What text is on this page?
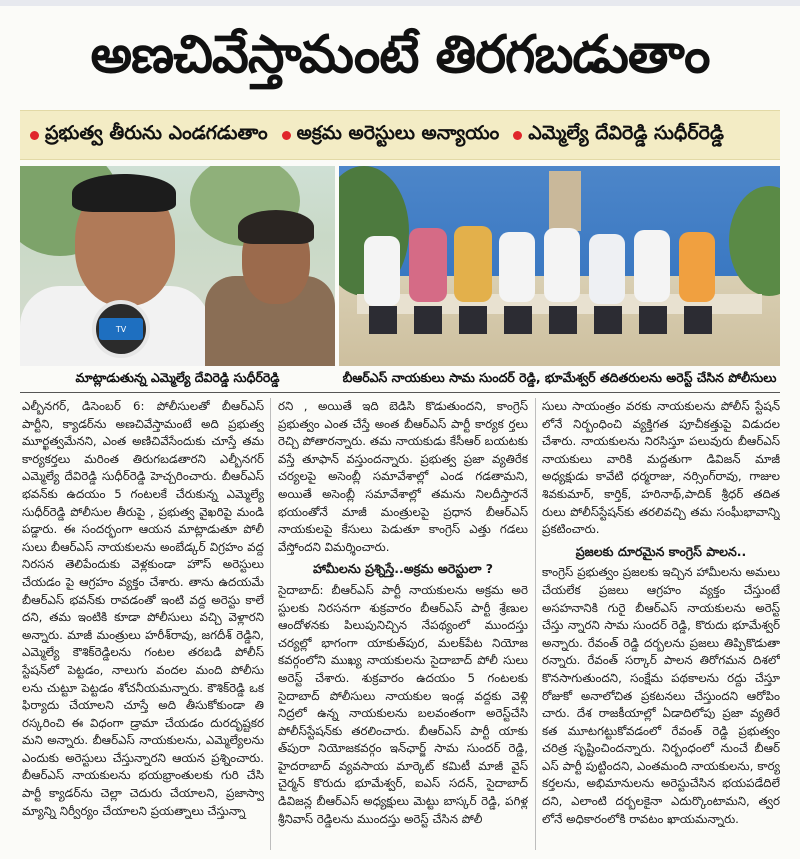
అణచివేస్తామంటే తిరగబడుతాం
ప్రభుత్వ తీరును ఎండగడుతాం అక్రమ అరెస్టులు అన్యాయం ఎమ్మెల్యే దేవిరెడ్డి సుధీర్‌రెడ్డి
TV
మాట్లాడుతున్న ఎమ్మెల్యే దేవిరెడ్డి సుధీర్‌రెడ్డి	బీఆర్ఎస్ నాయకులు సామ సుందర్ రెడ్డి, భూమేశ్వర్ తదితరులను అరెస్ట్ చేసిన పోలీసులు

ఎల్బీనగర్, డిసెంబర్ 6: పోలీసులతో బీఆర్ఎస్ పార్టీని, క్యాడర్‌ను అణచివేస్తామంటే అది ప్రభుత్వ మూర్ఖత్వమేనని, ఎంత అణిచివేసేందుకు చూస్తే తమ కార్యకర్తలు మరింత తిరుగబడతారని ఎల్బీనగర్ ఎమ్మెల్యే దేవిరెడ్డి సుధీర్‌రెడ్డి హెచ్చరించారు. బీఆర్ఎస్ భవన్‌కు ఉదయం 5 గంటలకే చేరుకున్న ఎమ్మెల్యే సుధీర్‌రెడ్డి పోలీసుల తీరుపై , ప్రభుత్వ వైఖరిపై మండి పడ్డారు. ఈ సందర్భంగా ఆయన మాట్లాడుతూ పోలీ సులు బీఆర్ఎస్ నాయకులను అంబేడ్కర్ విగ్రహం వద్ద నిరసన తెలిపేందుకు వెళ్లకుండా హౌస్ అరెస్టులు చేయడం పై ఆగ్రహం వ్యక్తం చేశారు. తాను ఉదయమే బీఆర్ఎస్ భవన్‌కు రావడంతో ఇంటి వద్ద అరెస్టు కాలే దని, తమ ఇంటికి కూడా పోలీసులు వచ్చి వెళ్లారని అన్నారు. మాజీ మంత్రులు హరీశ్‌రావు, జగదీశ్ రెడ్డిని, ఎమ్మెల్యే కౌశిక్‌రెడ్డిలను గంటల తరబడి పోలీస్ స్టేషన్‌లో పెట్టడం, నాలుగు వందల మంది పోలీసు లను చుట్టూ పెట్టడం శోచనీయమన్నారు. కౌశిక్‌రెడ్డి ఒక ఫిర్యాదు చేయాలని చూస్తే అది తీసుకోకుండా తి రస్కరించి ఈ విధంగా డ్రామా చేయడం దురదృష్టకర మని అన్నారు. బీఆర్ఎస్ నాయకులను, ఎమ్మెల్యేలను ఎందుకు అరెస్టులు చేస్తున్నారని ఆయన ప్రశ్నించారు. బీఆర్ఎస్ నాయకులను భయభ్రాంతులకు గురి చేసి పార్టీ క్యాడర్‌ను చెల్లా చెదురు చేయాలని, ప్రజాస్వా మ్యాన్ని నిర్వీర్యం చేయాలని ప్రయత్నాలు చేస్తున్నా

రని , అయితే ఇది బెడిసి కొడుతుందని, కాంగ్రెస్ ప్రభుత్వం ఎంత చేస్తే అంత బీఆర్ఎస్ పార్టీ కార్యక ర్తలు రెచ్చి పోతారన్నారు. తమ నాయకుడు కేసీఆర్ బయటకు వస్తే తూఫాన్ వస్తుందన్నారు. ప్రభుత్వ ప్రజా వ్యతిరేక చర్యలపై అసెంబ్లీ సమావేశాల్లో ఎండ గడతామని, అయితే అసెంబ్లీ సమావేశాల్లో తమను నిలదీస్తారనే భయంతోనే మాజీ మంత్రులపై ప్రధాన బీఆర్ఎస్ నాయకులపై కేసులు పెడుతూ కాంగ్రెస్ ఎత్తు గడలు వేస్తోందని విమర్శించారు.

హామీలను ప్రశ్నిస్తే..అక్రమ అరెస్టులా ?

సైదాబాద్: బీఆర్ఎస్ పార్టీ నాయకులను అక్రమ అరె స్టులకు నిరసనగా శుక్రవారం బీఆర్ఎస్ పార్టీ శ్రేణుల ఆందోళనకు పిలుపునిచ్చిన నేపథ్యంలో ముందస్తు చర్యల్లో భాగంగా యాకుత్‌పుర, మలక్‌పేట నియోజ కవర్గంలోని ముఖ్య నాయకులను సైదాబాద్ పోలీ సులు అరెస్ట్ చేశారు. శుక్రవారం ఉదయం 5 గంటలకు సైదాబాద్ పోలీసులు నాయకుల ఇండ్ల వద్దకు వెళ్లి నిద్రలో ఉన్న నాయకులను బలవంతంగా అరెస్ట్‌చేసి పోలీస్‌స్టేషన్‌కు తరలించారు. బీఆర్ఎస్ పార్టీ యాకు త్‌పురా నియోజకవర్గం ఇన్‌ఛార్జ్ సామ సుందర్ రెడ్డి, హైదరాబాద్ వ్యవసాయ మార్కెట్ కమిటీ మాజీ వైస్ చైర్మన్ కొరుదు భూమేశ్వర్, ఐఎస్ సదన్, సైదాబాద్ డివిజన్ల బీఆర్ఎస్ అధ్యక్షులు మెట్టు బాస్కర్ రెడ్డి, పగిళ్ల శ్రీనివాస్ రెడ్డిలను ముందస్తు అరెస్ట్ చేసిన పోలీ

సులు సాయంత్రం వరకు నాయకులను పోలీస్ స్టేషన్ లోనే నిర్బంధించి వ్యక్తిగత పూచీకత్తుపై విడుదల చేశారు. నాయకులను నిరసిస్తూ పలువురు బీఆర్ఎస్ నాయకులు వారికి మద్దతుగా డివిజన్ మాజీ అధ్యక్షుడు కావేటి ధర్మరాజు, నర్సింగ్‌రావు, గాజుల శివకుమార్, కార్తిక్, హరినాథ్,పాదిక్ శ్రీధర్ తదిత రులు పోలీస్‌స్టేషన్‌కు తరలివచ్చి తమ సంఘీభావాన్ని ప్రకటించారు.

ప్రజలకు దూరమైన కాంగ్రెస్ పాలన..

కాంగ్రెస్ ప్రభుత్వం ప్రజలకు ఇచ్చిన హామీలను అమలు చేయలేక ప్రజలు ఆగ్రహం వ్యక్తం చేస్తుంటే అసహనానికి గురై బీఆర్ఎస్ నాయకులను అరెస్ట్ చేస్తు న్నారని సామ సుందర్ రెడ్డి, కొరుదు భూమేశ్వర్ అన్నారు. రేవంత్ రెడ్డి దర్బలను ప్రజలు తిప్పికొడుతా రన్నారు. రేవంత్ సర్కార్ పాలన తిరోగమన దిశలో కొనసాగుతుందని, సంక్షేమ పథకాలను రద్దు చేస్తూ రోజుకో అనాలోచిత ప్రకటనలు చేస్తుందని ఆరోపిం చారు. దేశ రాజకీయాల్లో ఏడాదిలోపు ప్రజా వ్యతిరే కత మూటగట్టుకోవడంలో రేవంత్ రెడ్డి ప్రభుత్వం చరిత్ర సృష్టించిందన్నారు. నిర్బంధంలో నుంచే బీఆర్ ఎస్ పార్టీ పుట్టిందని, ఎంతమంది నాయకులను, కార్య కర్తలను, అభిమానులను అరెస్టుచేసిన భయపడేదిలే దని, ఎలాంటి దర్బలకైనా ఎదుర్కొంటామని, త్వర లోనే అధికారంలోకి రావటం ఖాయమన్నారు.
